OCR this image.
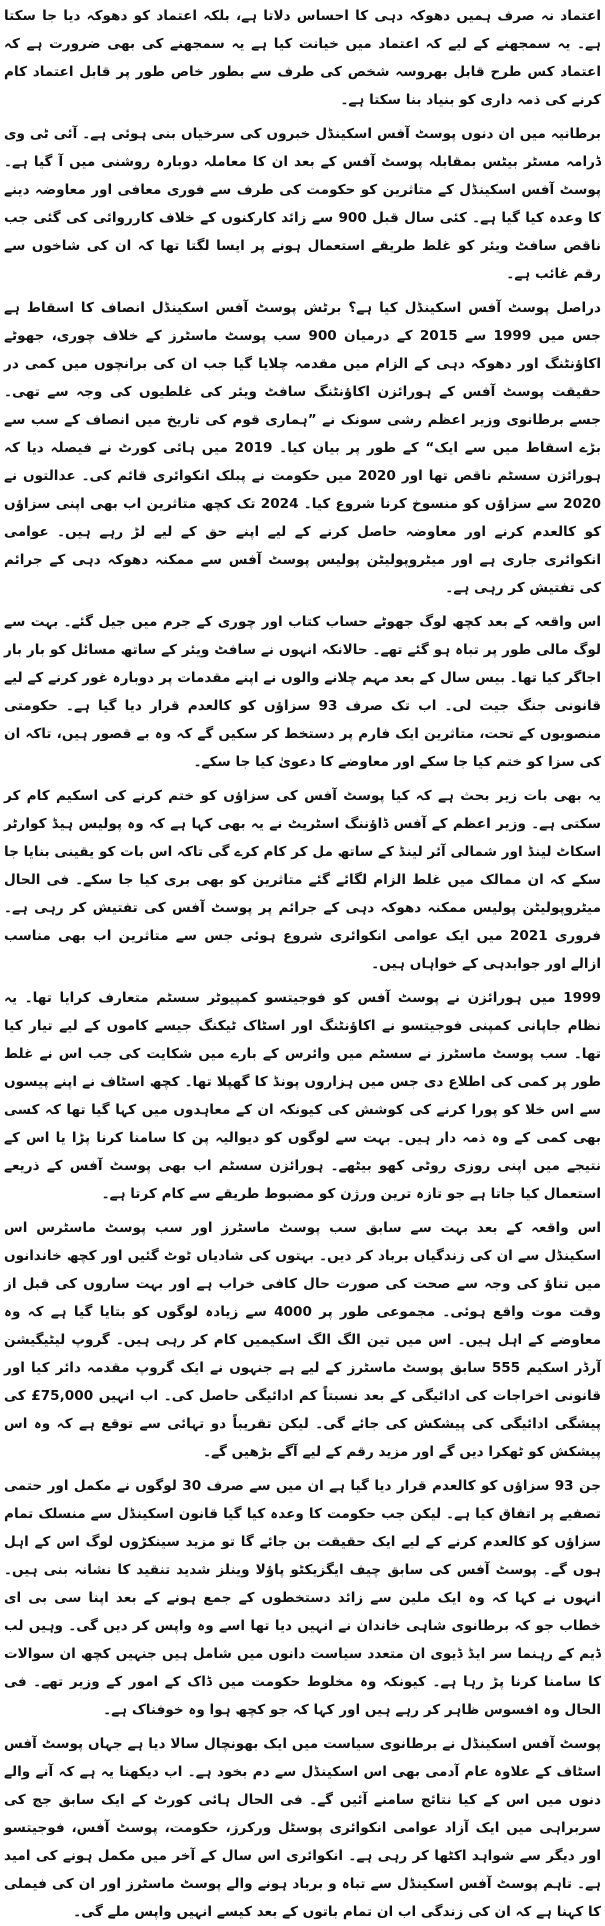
اعتماد نہ صرف ہمیں دھوکہ دہی کا احساس دلاتا ہے، بلکہ اعتماد کو دھوکہ دیا جا سکتا ہے۔ یہ سمجھنے کے لیے کہ اعتماد میں خیانت کیا ہے یہ سمجھنے کی بھی ضرورت ہے کہ اعتماد کس طرح قابل بھروسہ شخص کی طرف سے بطور خاص طور پر قابل اعتماد کام کرنے کی ذمہ داری کو بنیاد بنا سکتا ہے۔

برطانیہ میں ان دنوں پوسٹ آفس اسکینڈل خبروں کی سرخیاں بنی ہوئی ہے۔ آئی ٹی وی ڈرامہ مسٹر بیٹس بمقابلہ پوسٹ آفس کے بعد ان کا معاملہ دوبارہ روشنی میں آ گیا ہے۔ پوسٹ آفس اسکینڈل کے متاثرین کو حکومت کی طرف سے فوری معافی اور معاوضہ دینے کا وعدہ کیا گیا ہے۔ کئی سال قبل 900 سے زائد کارکنوں کے خلاف کارروائی کی گئی جب ناقص سافٹ ویئر کو غلط طریقے استعمال ہونے پر ایسا لگتا تھا کہ ان کی شاخوں سے رقم غائب ہے۔

دراصل پوسٹ آفس اسکینڈل کیا ہے؟ برٹش پوسٹ آفس اسکینڈل انصاف کا اسقاط ہے جس میں 1999 سے 2015 کے درمیان 900 سب پوسٹ ماسٹرز کے خلاف چوری، جھوٹے اکاؤنٹنگ اور دھوکہ دہی کے الزام میں مقدمہ چلایا گیا جب ان کی برانچوں میں کمی در حقیقت پوسٹ آفس کے ہورائزن اکاؤنٹنگ سافٹ ویئر کی غلطیوں کی وجہ سے تھی۔ جسے برطانوی وزیر اعظم رشی سونک نے ”ہماری قوم کی تاریخ میں انصاف کے سب سے بڑے اسقاط میں سے ایک“ کے طور پر بیان کیا۔ 2019 میں ہائی کورٹ نے فیصلہ دیا کہ ہورائزن سسٹم ناقص تھا اور 2020 میں حکومت نے پبلک انکوائری قائم کی۔ عدالتوں نے 2020 سے سزاؤں کو منسوخ کرنا شروع کیا۔ 2024 تک کچھ متاثرین اب بھی اپنی سزاؤں کو کالعدم کرنے اور معاوضہ حاصل کرنے کے لیے اپنے حق کے لیے لڑ رہے ہیں۔ عوامی انکوائری جاری ہے اور میٹروپولیٹن پولیس پوسٹ آفس سے ممکنہ دھوکہ دہی کے جرائم کی تفتیش کر رہی ہے۔

اس واقعہ کے بعد کچھ لوگ جھوٹے حساب کتاب اور چوری کے جرم میں جیل گئے۔ بہت سے لوگ مالی طور پر تباہ ہو گئے تھے۔ حالانکہ انہوں نے سافٹ ویئر کے ساتھ مسائل کو بار بار اجاگر کیا تھا۔ بیس سال کے بعد مہم چلانے والوں نے اپنے مقدمات پر دوبارہ غور کرنے کے لیے قانونی جنگ جیت لی۔ اب تک صرف 93 سزاؤں کو کالعدم قرار دیا گیا ہے۔ حکومتی منصوبوں کے تحت، متاثرین ایک فارم پر دستخط کر سکیں گے کہ وہ بے قصور ہیں، تاکہ ان کی سزا کو ختم کیا جا سکے اور معاوضے کا دعویٰ کیا جا سکے۔

یہ بھی بات زیر بحث ہے کہ کیا پوسٹ آفس کی سزاؤں کو ختم کرنے کی اسکیم کام کر سکتی ہے۔ وزیر اعظم کے آفس ڈاؤننگ اسٹریٹ نے یہ بھی کہا ہے کہ وہ پولیس ہیڈ کوارٹر اسکاٹ لینڈ اور شمالی آئر لینڈ کے ساتھ مل کر کام کرے گی تاکہ اس بات کو یقینی بنایا جا سکے کہ ان ممالک میں غلط الزام لگائے گئے متاثرین کو بھی بری کیا جا سکے۔ فی الحال میٹروپولیٹن پولیس ممکنہ دھوکہ دہی کے جرائم پر پوسٹ آفس کی تفتیش کر رہی ہے۔ فروری 2021 میں ایک عوامی انکوائری شروع ہوئی جس سے متاثرین اب بھی مناسب ازالے اور جوابدہی کے خواہاں ہیں۔

1999 میں ہورائزن نے پوسٹ آفس کو فوجیتسو کمپیوٹر سسٹم متعارف کرایا تھا۔ یہ نظام جاپانی کمپنی فوجیتسو نے اکاؤنٹنگ اور اسٹاک ٹیکنگ جیسے کاموں کے لیے تیار کیا تھا۔ سب پوسٹ ماسٹرز نے سسٹم میں وائرس کے بارے میں شکایت کی جب اس نے غلط طور پر کمی کی اطلاع دی جس میں ہزاروں پونڈ کا گھپلا تھا۔ کچھ اسٹاف نے اپنے پیسوں سے اس خلا کو پورا کرنے کی کوشش کی کیونکہ ان کے معاہدوں میں کہا گیا تھا کہ کسی بھی کمی کے وہ ذمہ دار ہیں۔ بہت سے لوگوں کو دیوالیہ پن کا سامنا کرنا پڑا یا اس کے نتیجے میں اپنی روزی روٹی کھو بیٹھے۔ ہورائزن سسٹم اب بھی پوسٹ آفس کے ذریعے استعمال کیا جاتا ہے جو تازہ ترین ورژن کو مضبوط طریقے سے کام کرتا ہے۔

اس واقعہ کے بعد بہت سے سابق سب پوسٹ ماسٹرز اور سب پوسٹ ماسٹرس اس اسکینڈل سے ان کی زندگیاں برباد کر دیں۔ بہتوں کی شادیاں ٹوٹ گئیں اور کچھ خاندانوں میں تناؤ کی وجہ سے صحت کی صورت حال کافی خراب ہے اور بہت ساروں کی قبل از وقت موت واقع ہوئی۔ مجموعی طور پر 4000 سے زیادہ لوگوں کو بتایا گیا ہے کہ وہ معاوضے کے اہل ہیں۔ اس میں تین الگ الگ اسکیمیں کام کر رہی ہیں۔ گروپ لیٹیگیشن آرڈر اسکیم 555 سابق پوسٹ ماسٹرز کے لیے ہے جنہوں نے ایک گروپ مقدمہ دائر کیا اور قانونی اخراجات کی ادائیگی کے بعد نسبتاً کم ادائیگی حاصل کی۔ اب انہیں 75,000£ کی پیشگی ادائیگی کی پیشکش کی جائے گی۔ لیکن تقریباً دو تہائی سے توقع ہے کہ وہ اس پیشکش کو ٹھکرا دیں گے اور مزید رقم کے لیے آگے بڑھیں گے۔

جن 93 سزاؤں کو کالعدم قرار دیا گیا ہے ان میں سے صرف 30 لوگوں نے مکمل اور حتمی تصفیے پر اتفاق کیا ہے۔ لیکن جب حکومت کا وعدہ کیا گیا قانون اسکینڈل سے منسلک تمام سزاؤں کو کالعدم کرنے کے لیے ایک حقیقت بن جائے گا تو مزید سینکڑوں لوگ اس کے اہل ہوں گے۔ پوسٹ آفس کی سابق چیف ایگزیکٹو پاؤلا وینلز شدید تنقید کا نشانہ بنی ہیں۔ انہوں نے کہا کہ وہ ایک ملین سے زائد دستخطوں کے جمع ہونے کے بعد اپنا سی بی ای خطاب جو کہ برطانوی شاہی خاندان نے انہیں دیا تھا اسے وہ واپس کر دیں گی۔ وہیں لب ڈیم کے رہنما سر ایڈ ڈیوی ان متعدد سیاست دانوں میں شامل ہیں جنہیں کچھ ان سوالات کا سامنا کرنا پڑ رہا ہے۔ کیونکہ وہ مخلوط حکومت میں ڈاک کے امور کے وزیر تھے۔ فی الحال وہ افسوس ظاہر کر رہے ہیں اور کہا کہ جو کچھ ہوا وہ خوفناک ہے۔

پوسٹ آفس اسکینڈل نے برطانوی سیاست میں ایک بھونچال سالا دیا ہے جہاں پوسٹ آفس اسٹاف کے علاوہ عام آدمی بھی اس اسکینڈل سے دم بخود ہے۔ اب دیکھنا یہ ہے کہ آنے والے دنوں میں اس کے کیا نتائج سامنے آئیں گے۔ فی الحال ہائی کورٹ کے ایک سابق جج کی سربراہی میں ایک آزاد عوامی انکوائری پوسٹل ورکرز، حکومت، پوسٹ آفس، فوجیتسو اور دیگر سے شواہد اکٹھا کر رہی ہے۔ انکوائری اس سال کے آخر میں مکمل ہونے کی امید ہے۔ تاہم پوسٹ آفس اسکینڈل سے تباہ و برباد ہونے والے پوسٹ ماسٹرز اور ان کی فیملی کا کہنا ہے کہ ان کی زندگی اب ان تمام باتوں کے بعد کیسے انہیں واپس ملے گی۔
